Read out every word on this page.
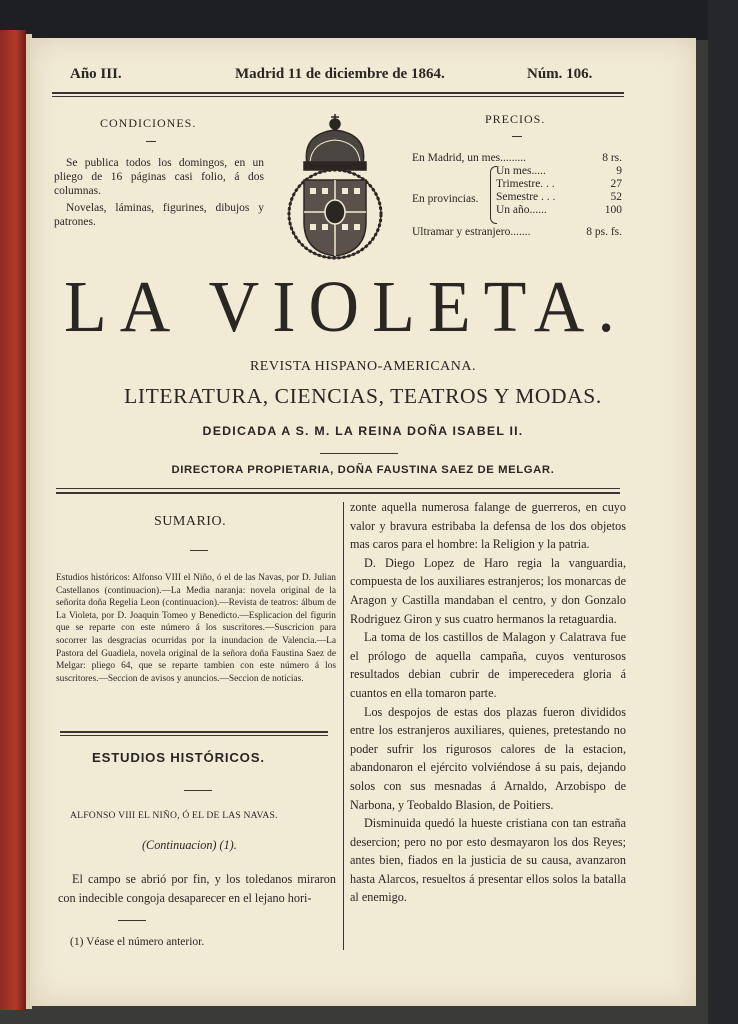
Año III.	Madrid 11 de diciembre de 1864.	Núm. 106.
CONDICIONES.
Se publica todos los domingos, en un pliego de 16 páginas casi folio, á dos columnas.
Novelas, láminas, figurines, dibujos y patrones.
PRECIOS.
En Madrid, un mes.........	8 rs.
En provincias.
Un mes.....	9
Trimestre. . .	27
Semestre . . .	52
Un año......	100
Ultramar y estranjero.......	8 ps. fs.
LA VIOLETA.
REVISTA HISPANO-AMERICANA.
LITERATURA, CIENCIAS, TEATROS Y MODAS.
DEDICADA A S. M. LA REINA DOÑA ISABEL II.
DIRECTORA PROPIETARIA, DOÑA FAUSTINA SAEZ DE MELGAR.
SUMARIO.
Estudios históricos: Alfonso VIII el Niño, ó el de las Navas, por D. Julian Castellanos (continuacion).—La Media naranja: novela original de la señorita doña Regelia Leon (continuacion).—Revista de teatros: álbum de La Violeta, por D. Joaquin Tomeo y Benedicto.—Esplicacion del figurin que se reparte con este número á los suscritores.—Suscricion para socorrer las desgracias ocurridas por la inundacion de Valencia.—La Pastora del Guadiela, novela original de la señora doña Faustina Saez de Melgar: pliego 64, que se reparte tambien con este número á los suscritores.—Seccion de avisos y anuncios.—Seccion de noticias.
ESTUDIOS HISTÓRICOS.
ALFONSO VIII EL NIÑO, Ó EL DE LAS NAVAS.
(Continuacion) (1).
El campo se abrió por fin, y los toledanos miraron con indecible congoja desaparecer en el lejano hori-
(1) Véase el número anterior.

zonte aquella numerosa falange de guerreros, en cuyo valor y bravura estribaba la defensa de los dos objetos mas caros para el hombre: la Religion y la patria.

D. Diego Lopez de Haro regia la vanguardia, compuesta de los auxiliares estranjeros; los monarcas de Aragon y Castilla mandaban el centro, y don Gonzalo Rodriguez Giron y sus cuatro hermanos la retaguardia.

La toma de los castillos de Malagon y Calatrava fue el prólogo de aquella campaña, cuyos venturosos resultados debian cubrir de imperecedera gloria á cuantos en ella tomaron parte.

Los despojos de estas dos plazas fueron divididos entre los estranjeros auxiliares, quienes, pretestando no poder sufrir los rigurosos calores de la estacion, abandonaron el ejército volviéndose á su pais, dejando solos con sus mesnadas á Arnaldo, Arzobispo de Narbona, y Teobaldo Blasion, de Poitiers.

Disminuida quedó la hueste cristiana con tan estraña desercion; pero no por esto desmayaron los dos Reyes; antes bien, fiados en la justicia de su causa, avanzaron hasta Alarcos, resueltos á presentar ellos solos la batalla al enemigo.
